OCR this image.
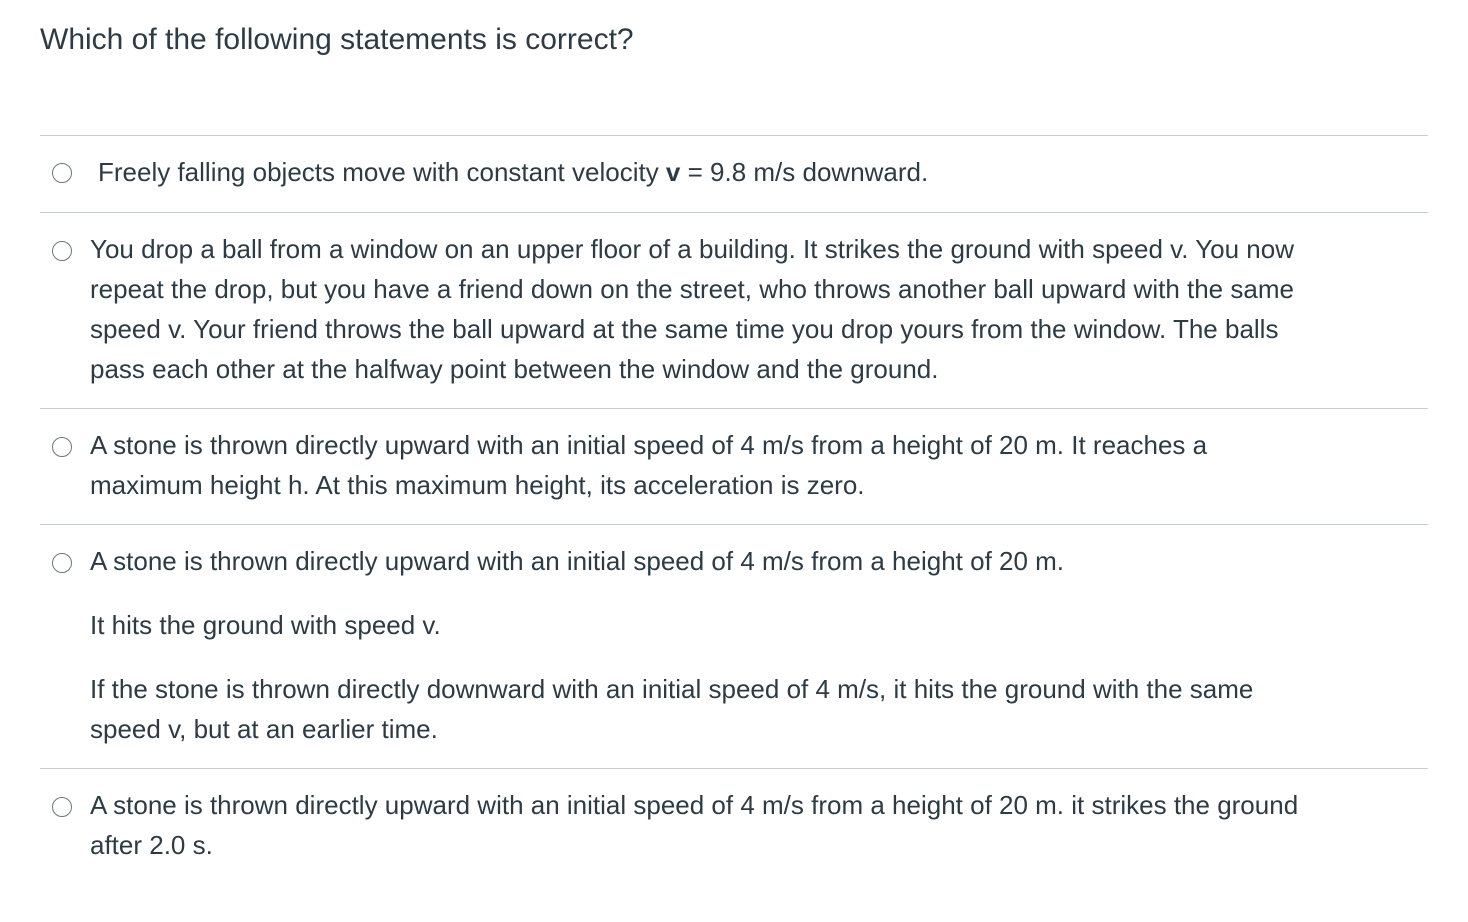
Which of the following statements is correct?

Freely falling objects move with constant velocity v = 9.8 m/s downward.

You drop a ball from a window on an upper floor of a building. It strikes the ground with speed v. You now

repeat the drop, but you have a friend down on the street, who throws another ball upward with the same

speed v. Your friend throws the ball upward at the same time you drop yours from the window. The balls

pass each other at the halfway point between the window and the ground.

A stone is thrown directly upward with an initial speed of 4 m/s from a height of 20 m. It reaches a

maximum height h. At this maximum height, its acceleration is zero.

A stone is thrown directly upward with an initial speed of 4 m/s from a height of 20 m.

It hits the ground with speed v.

If the stone is thrown directly downward with an initial speed of 4 m/s, it hits the ground with the same

speed v, but at an earlier time.

A stone is thrown directly upward with an initial speed of 4 m/s from a height of 20 m. it strikes the ground

after 2.0 s.
